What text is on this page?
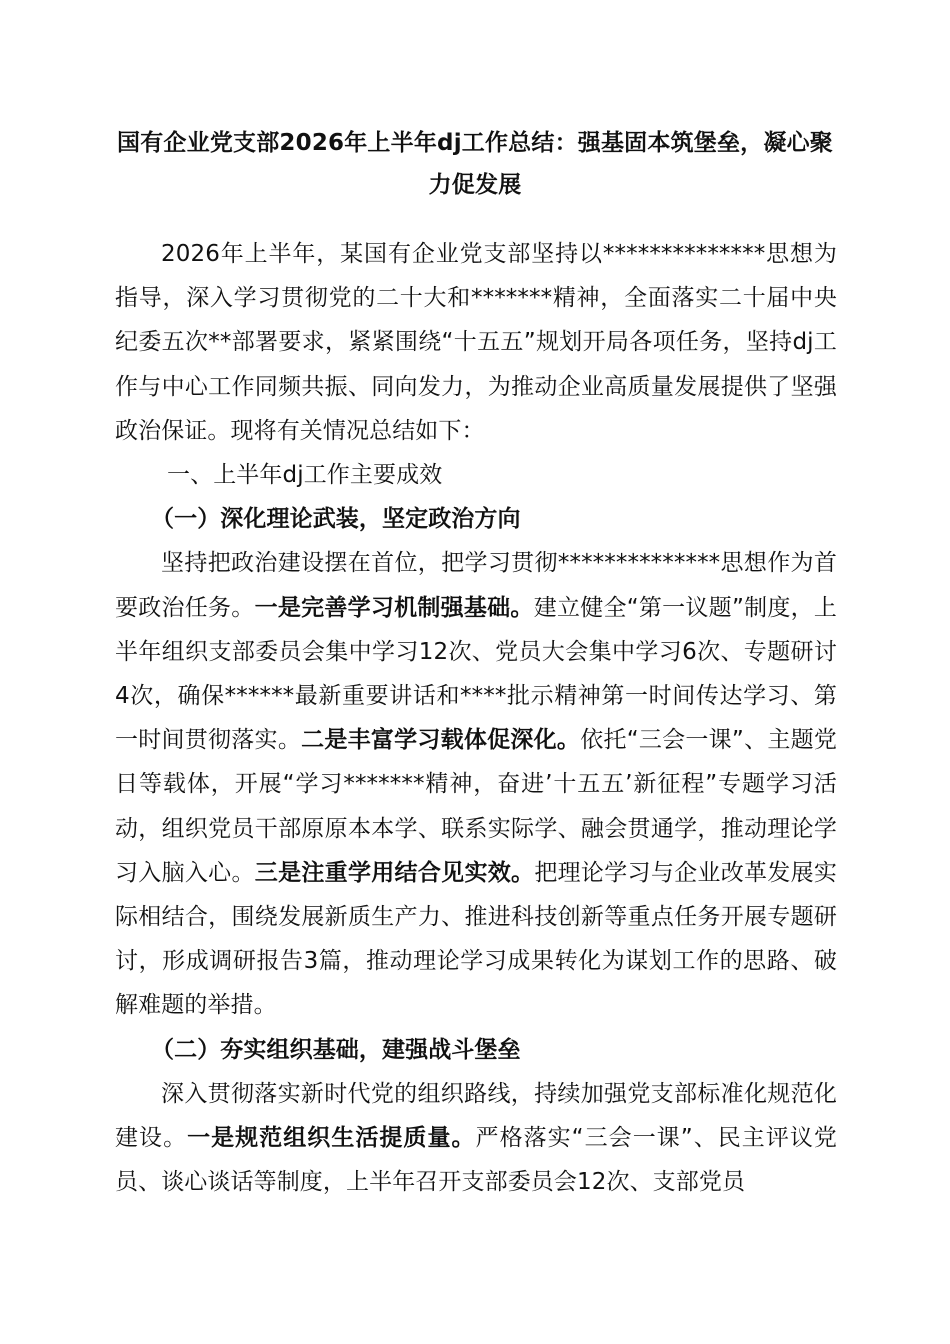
国有企业党支部2026年上半年dj工作总结：强基固本筑堡垒，凝心聚力促发展

2026年上半年，某国有企业党支部坚持以**************思想为指导，深入学习贯彻党的二十大和*******精神，全面落实二十届中央纪委五次**部署要求，紧紧围绕“十五五”规划开局各项任务，坚持dj工作与中心工作同频共振、同向发力，为推动企业高质量发展提供了坚强政治保证。现将有关情况总结如下：

一、上半年dj工作主要成效

（一）深化理论武装，坚定政治方向

坚持把政治建设摆在首位，把学习贯彻**************思想作为首要政治任务。一是完善学习机制强基础。建立健全“第一议题”制度，上半年组织支部委员会集中学习12次、党员大会集中学习6次、专题研讨4次，确保******最新重要讲话和****批示精神第一时间传达学习、第一时间贯彻落实。二是丰富学习载体促深化。依托“三会一课”、主题党日等载体，开展“学习*******精神，奋进’十五五’新征程”专题学习活动，组织党员干部原原本本学、联系实际学、融会贯通学，推动理论学习入脑入心。三是注重学用结合见实效。把理论学习与企业改革发展实际相结合，围绕发展新质生产力、推进科技创新等重点任务开展专题研讨，形成调研报告3篇，推动理论学习成果转化为谋划工作的思路、破解难题的举措。

（二）夯实组织基础，建强战斗堡垒

深入贯彻落实新时代党的组织路线，持续加强党支部标准化规范化建设。一是规范组织生活提质量。严格落实“三会一课”、民主评议党员、谈心谈话等制度，上半年召开支部委员会12次、支部党员
